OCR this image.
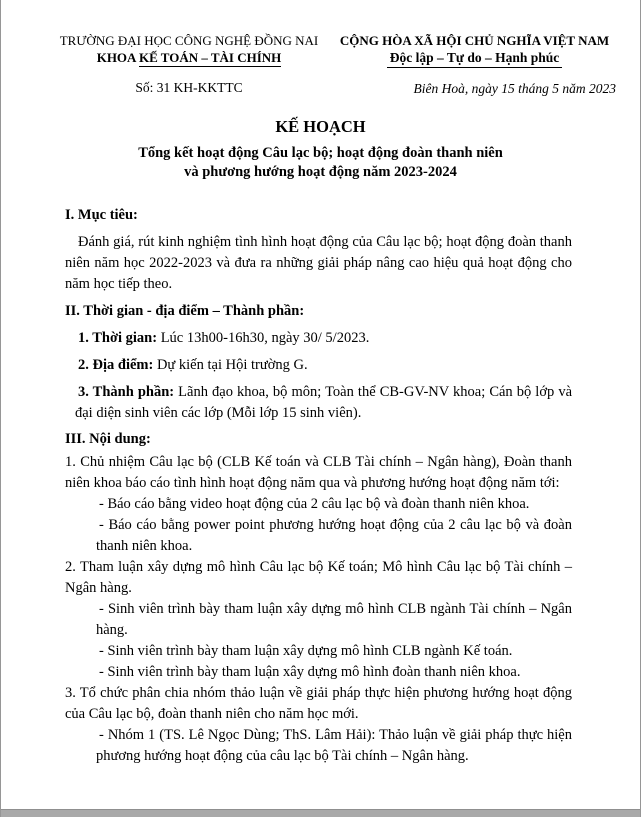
TRƯỜNG ĐẠI HỌC CÔNG NGHỆ ĐỒNG NAI
KHOA KẾ TOÁN – TÀI CHÍNH
Số: 31 KH-KKTTC
CỘNG HÒA XÃ HỘI CHỦ NGHĨA VIỆT NAM
Độc lập – Tự do – Hạnh phúc
Biên Hoà, ngày 15 tháng 5 năm 2023
KẾ HOẠCH
Tổng kết hoạt động Câu lạc bộ; hoạt động đoàn thanh niên
và phương hướng hoạt động năm 2023-2024
I. Mục tiêu:

Đánh giá, rút kinh nghiệm tình hình hoạt động của Câu lạc bộ; hoạt động đoàn thanh niên năm học 2022-2023 và đưa ra những giải pháp nâng cao hiệu quả hoạt động cho năm học tiếp theo.

II. Thời gian - địa điểm – Thành phần:

1. Thời gian: Lúc 13h00-16h30, ngày 30/ 5/2023.

2. Địa điểm: Dự kiến tại Hội trường G.

3. Thành phần: Lãnh đạo khoa, bộ môn; Toàn thể CB-GV-NV khoa; Cán bộ lớp và đại diện sinh viên các lớp (Mỗi lớp 15 sinh viên).

III. Nội dung:

1. Chủ nhiệm Câu lạc bộ (CLB Kế toán và CLB Tài chính – Ngân hàng), Đoàn thanh niên khoa báo cáo tình hình hoạt động năm qua và phương hướng hoạt động năm tới:

- Báo cáo bằng video hoạt động của 2 câu lạc bộ và đoàn thanh niên khoa.

- Báo cáo bằng power point phương hướng hoạt động của 2 câu lạc bộ và đoàn thanh niên khoa.

2. Tham luận xây dựng mô hình Câu lạc bộ Kế toán; Mô hình Câu lạc bộ Tài chính – Ngân hàng.

- Sinh viên trình bày tham luận xây dựng mô hình CLB ngành Tài chính – Ngân hàng.

- Sinh viên trình bày tham luận xây dựng mô hình CLB ngành Kế toán.

- Sinh viên trình bày tham luận xây dựng mô hình đoàn thanh niên khoa.

3. Tổ chức phân chia nhóm thảo luận về giải pháp thực hiện phương hướng hoạt động của Câu lạc bộ, đoàn thanh niên cho năm học mới.

- Nhóm 1 (TS. Lê Ngọc Dùng; ThS. Lâm Hải): Thảo luận về giải pháp thực hiện phương hướng hoạt động của câu lạc bộ Tài chính – Ngân hàng.
